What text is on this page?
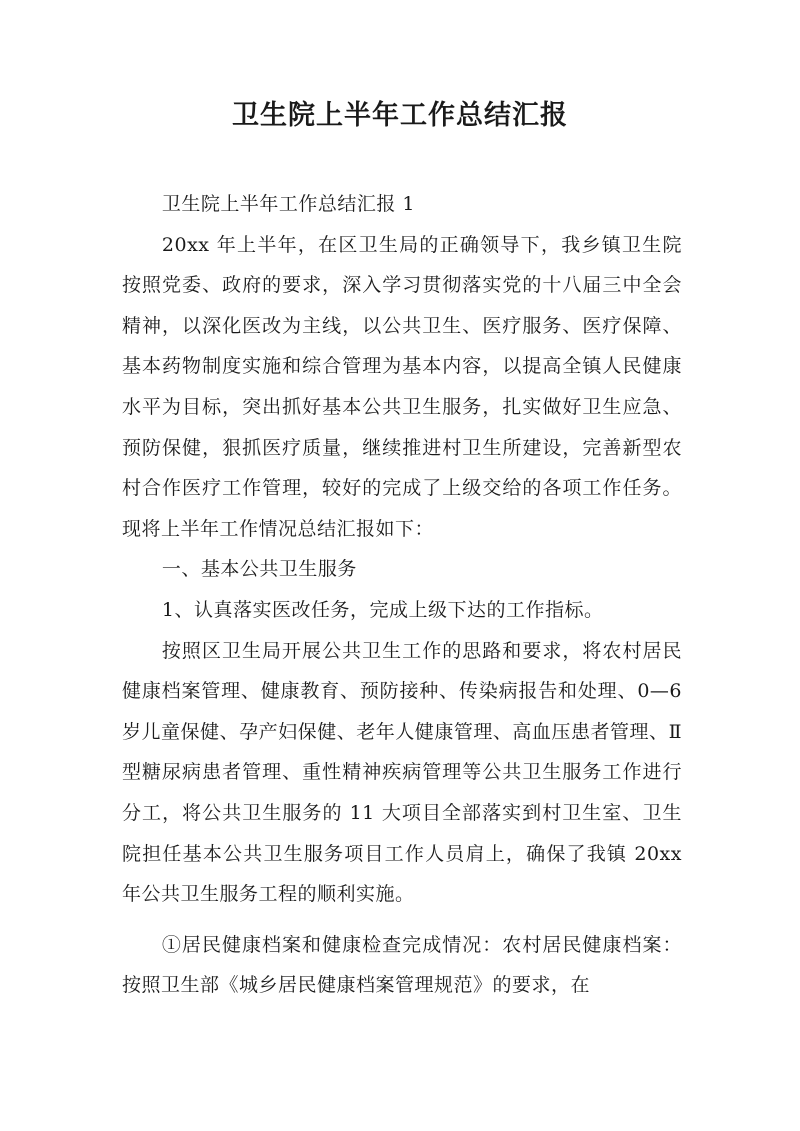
卫生院上半年工作总结汇报

卫生院上半年工作总结汇报 1

20xx 年上半年，在区卫生局的正确领导下，我乡镇卫生院按照党委、政府的要求，深入学习贯彻落实党的十八届三中全会精神，以深化医改为主线，以公共卫生、医疗服务、医疗保障、基本药物制度实施和综合管理为基本内容，以提高全镇人民健康水平为目标，突出抓好基本公共卫生服务，扎实做好卫生应急、预防保健，狠抓医疗质量，继续推进村卫生所建设，完善新型农村合作医疗工作管理，较好的完成了上级交给的各项工作任务。现将上半年工作情况总结汇报如下：

一、基本公共卫生服务

1、认真落实医改任务，完成上级下达的工作指标。

按照区卫生局开展公共卫生工作的思路和要求，将农村居民健康档案管理、健康教育、预防接种、传染病报告和处理、0—6 岁儿童保健、孕产妇保健、老年人健康管理、高血压患者管理、Ⅱ型糖尿病患者管理、重性精神疾病管理等公共卫生服务工作进行分工，将公共卫生服务的 11 大项目全部落实到村卫生室、卫生院担任基本公共卫生服务项目工作人员肩上，确保了我镇 20xx 年公共卫生服务工程的顺利实施。

①居民健康档案和健康检查完成情况：农村居民健康档案：按照卫生部《城乡居民健康档案管理规范》的要求，在
